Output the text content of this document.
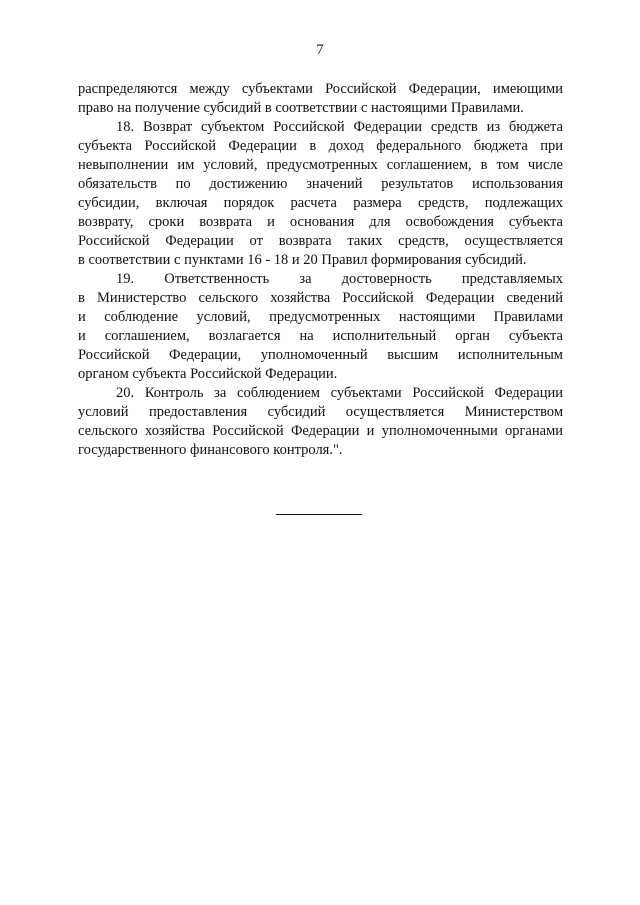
7
распределяются между субъектами Российской Федерации, имеющими
право на получение субсидий в соответствии с настоящими Правилами.
18. Возврат субъектом Российской Федерации средств из бюджета
субъекта Российской Федерации в доход федерального бюджета при
невыполнении им условий, предусмотренных соглашением, в том числе
обязательств по достижению значений результатов использования
субсидии, включая порядок расчета размера средств, подлежащих
возврату, сроки возврата и основания для освобождения субъекта
Российской Федерации от возврата таких средств, осуществляется
в соответствии с пунктами 16 - 18 и 20 Правил формирования субсидий.
19. Ответственность за достоверность представляемых
в Министерство сельского хозяйства Российской Федерации сведений
и соблюдение условий, предусмотренных настоящими Правилами
и соглашением, возлагается на исполнительный орган субъекта
Российской Федерации, уполномоченный высшим исполнительным
органом субъекта Российской Федерации.
20. Контроль за соблюдением субъектами Российской Федерации
условий предоставления субсидий осуществляется Министерством
сельского хозяйства Российской Федерации и уполномоченными органами
государственного финансового контроля.".
